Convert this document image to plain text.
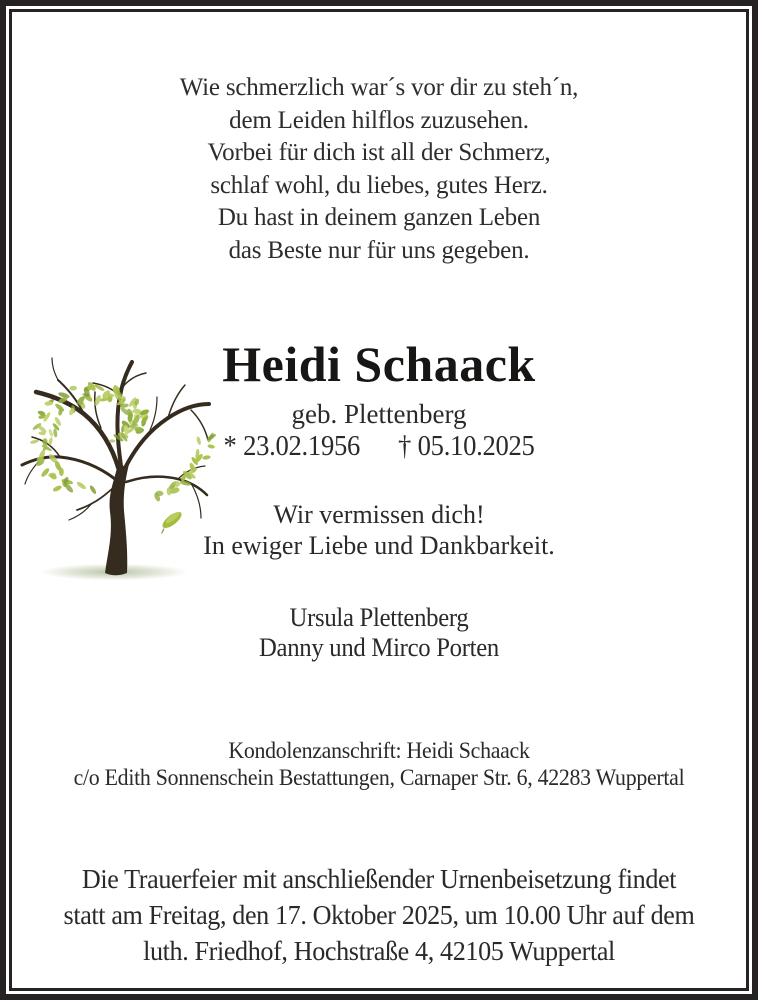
Wie schmerzlich war´s vor dir zu steh´n,
dem Leiden hilflos zuzusehen.
Vorbei für dich ist all der Schmerz,
schlaf wohl, du liebes, gutes Herz.
Du hast in deinem ganzen Leben
das Beste nur für uns gegeben.
Heidi Schaack
geb. Plettenberg
* 23.02.1956 † 05.10.2025
Wir vermissen dich!
In ewiger Liebe und Dankbarkeit.
Ursula Plettenberg
Danny und Mirco Porten
Kondolenzanschrift: Heidi Schaack
c/o Edith Sonnenschein Bestattungen, Carnaper Str. 6, 42283 Wuppertal
Die Trauerfeier mit anschließender Urnenbeisetzung findet
statt am Freitag, den 17. Oktober 2025, um 10.00 Uhr auf dem
luth. Friedhof, Hochstraße 4, 42105 Wuppertal
